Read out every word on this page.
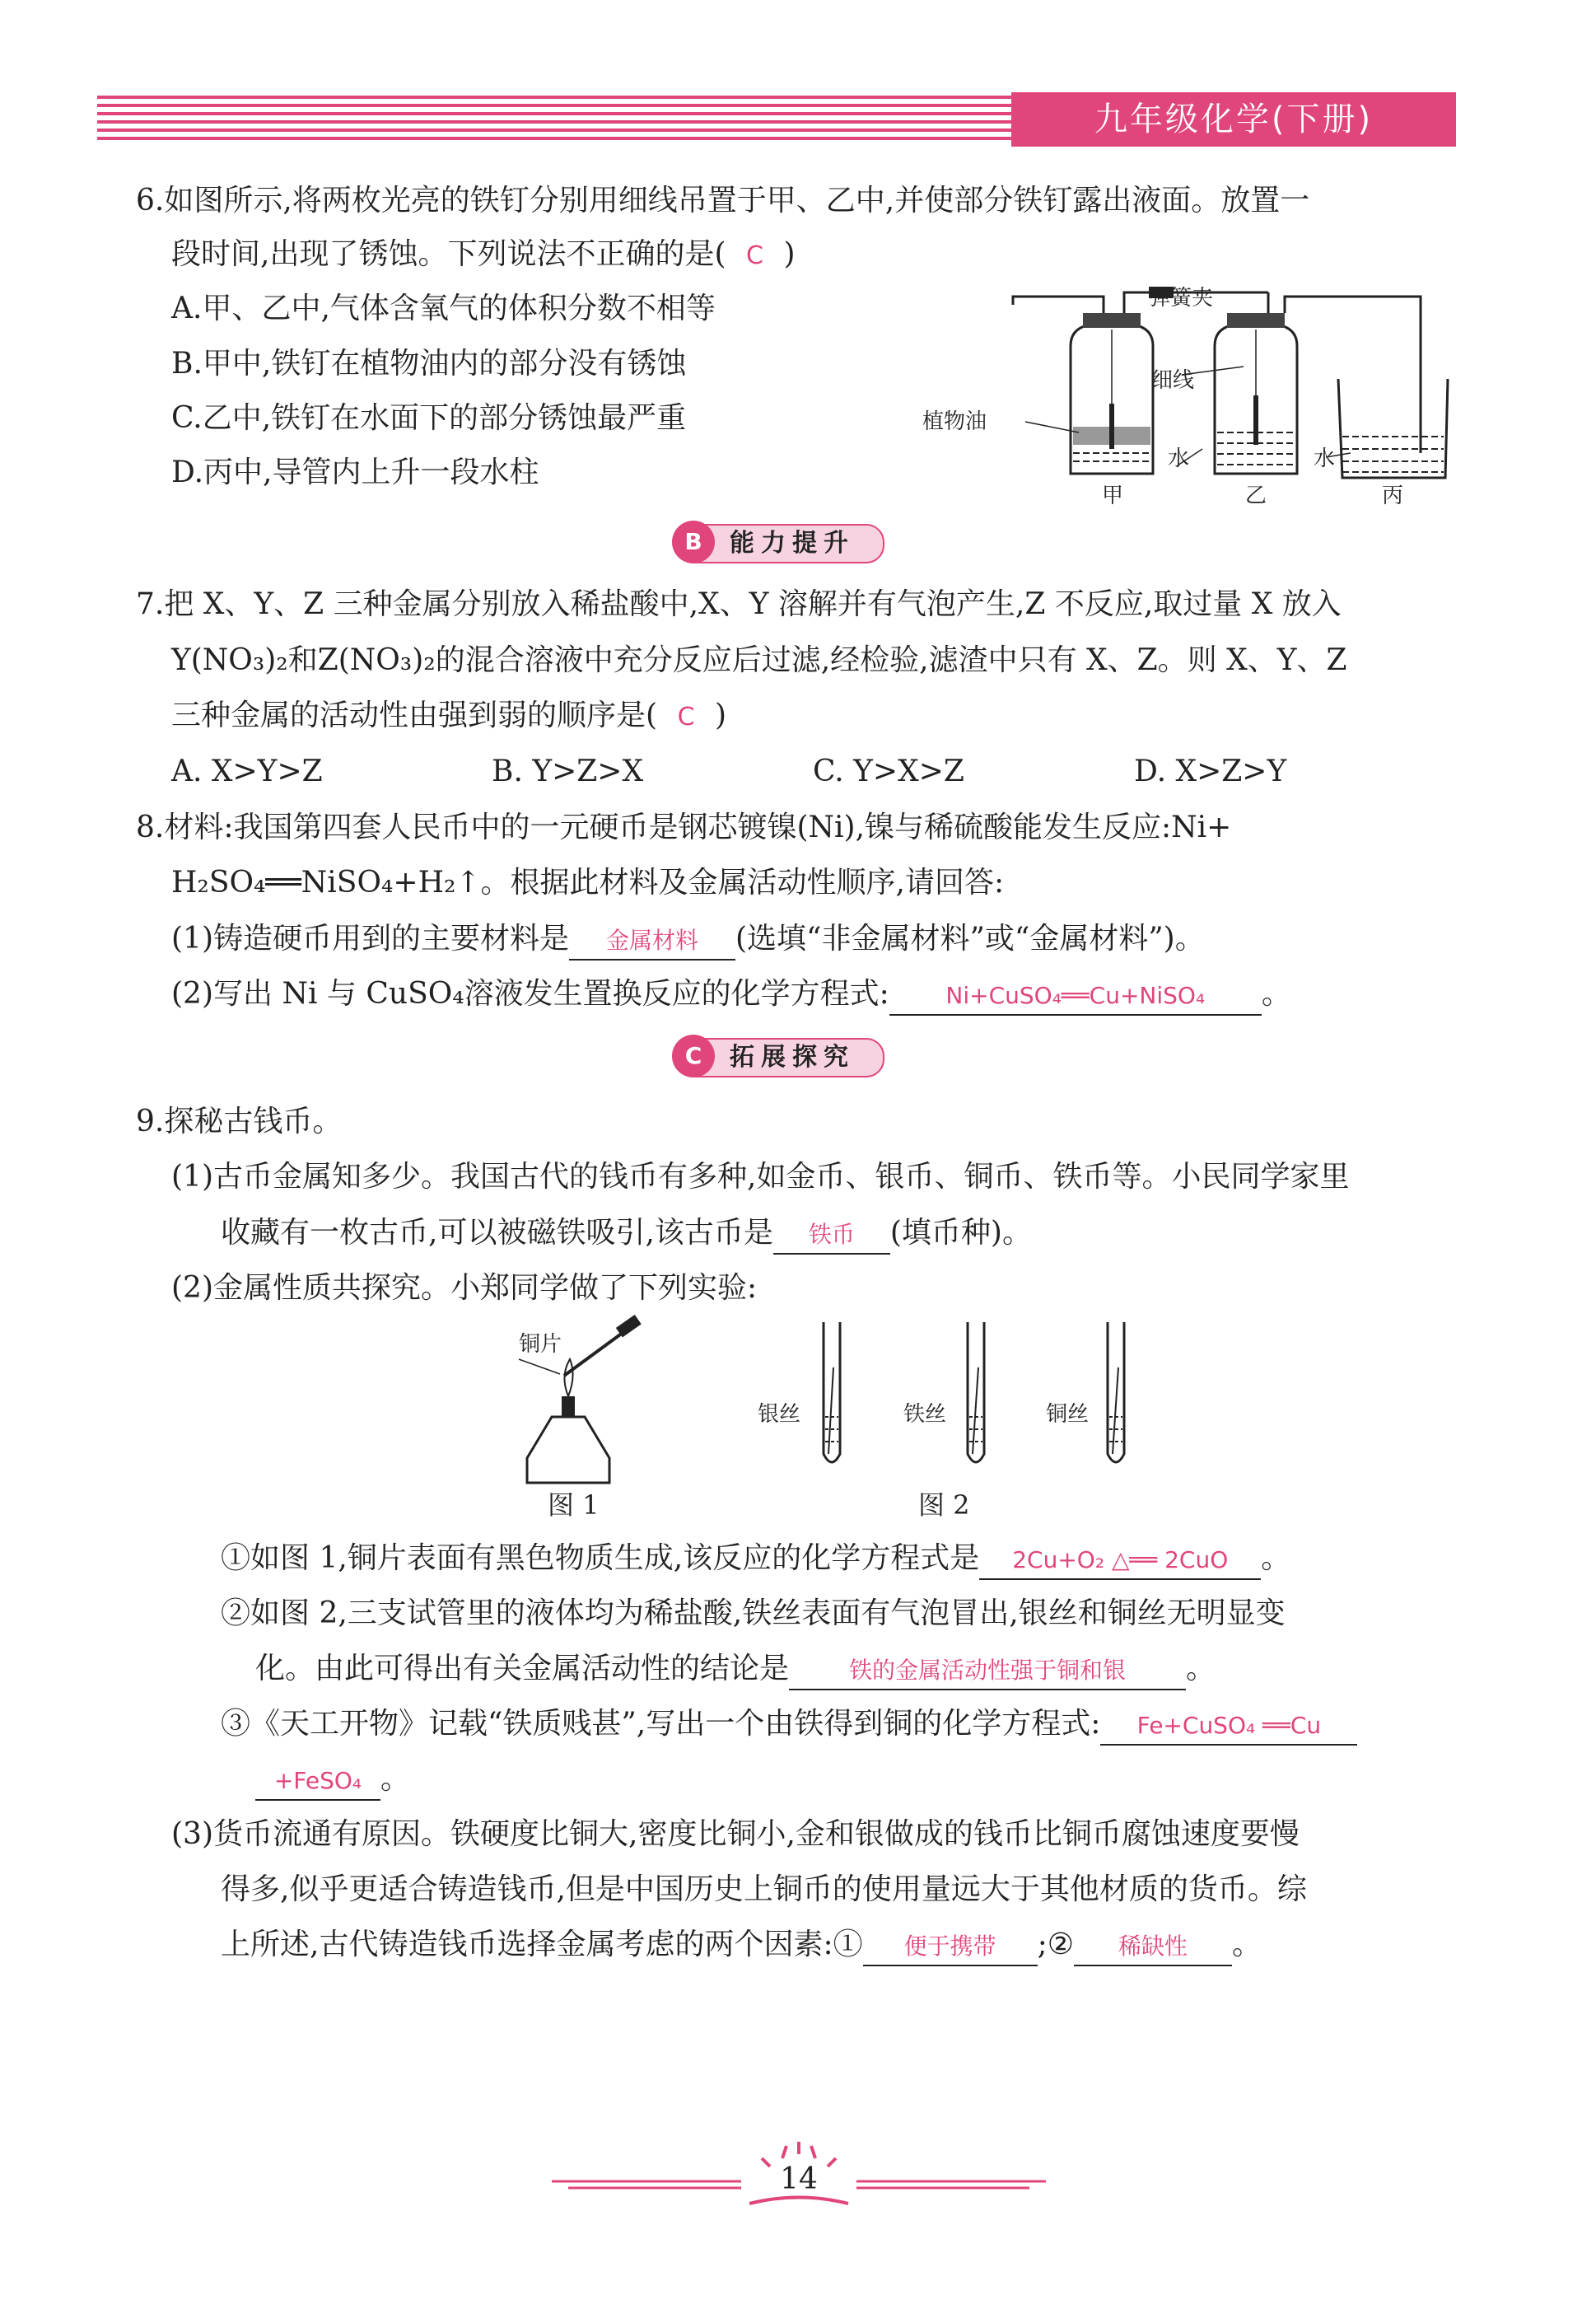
九年级化学(下册)
6.如图所示,将两枚光亮的铁钉分别用细线吊置于甲、乙中,并使部分铁钉露出液面。放置一
段时间,出现了锈蚀。下列说法不正确的是( C )
A.甲、乙中,气体含氧气的体积分数不相等
B.甲中,铁钉在植物油内的部分没有锈蚀
C.乙中,铁钉在水面下的部分锈蚀最严重
D.丙中,导管内上升一段水柱
弹簧夹
细线
植物油
水	水
甲	乙	丙
B	能力提升
7.把 X、Y、Z 三种金属分别放入稀盐酸中,X、Y 溶解并有气泡产生,Z 不反应,取过量 X 放入
Y(NO₃)₂和Z(NO₃)₂的混合溶液中充分反应后过滤,经检验,滤渣中只有 X、Z。则 X、Y、Z
三种金属的活动性由强到弱的顺序是( C )
A. X>Y>Z	B. Y>Z>X	C. Y>X>Z	D. X>Z>Y
8.材料:我国第四套人民币中的一元硬币是钢芯镀镍(Ni),镍与稀硫酸能发生反应:Ni+
H₂SO₄══NiSO₄+H₂↑。根据此材料及金属活动性顺序,请回答:
(1)铸造硬币用到的主要材料是 金属材料 (选填“非金属材料”或“金属材料”)。
(2)写出 Ni 与 CuSO₄溶液发生置换反应的化学方程式: Ni+CuSO₄══Cu+NiSO₄ 。
C	拓展探究
9.探秘古钱币。
(1)古币金属知多少。我国古代的钱币有多种,如金币、银币、铜币、铁币等。小民同学家里
收藏有一枚古币,可以被磁铁吸引,该古币是 铁币 (填币种)。
(2)金属性质共探究。小郑同学做了下列实验:
铜片
图 1
银丝	铁丝	铜丝
图 2
①如图 1,铜片表面有黑色物质生成,该反应的化学方程式是 2Cu+O₂ △══ 2CuO 。
②如图 2,三支试管里的液体均为稀盐酸,铁丝表面有气泡冒出,银丝和铜丝无明显变
化。由此可得出有关金属活动性的结论是	铁的金属活动性强于铜和银 。
③《天工开物》记载“铁质贱甚”,写出一个由铁得到铜的化学方程式: Fe+CuSO₄ ══Cu
+FeSO₄ 。
(3)货币流通有原因。铁硬度比铜大,密度比铜小,金和银做成的钱币比铜币腐蚀速度要慢
得多,似乎更适合铸造钱币,但是中国历史上铜币的使用量远大于其他材质的货币。综
上所述,古代铸造钱币选择金属考虑的两个因素:① 便于携带 ;② 稀缺性 。
14
